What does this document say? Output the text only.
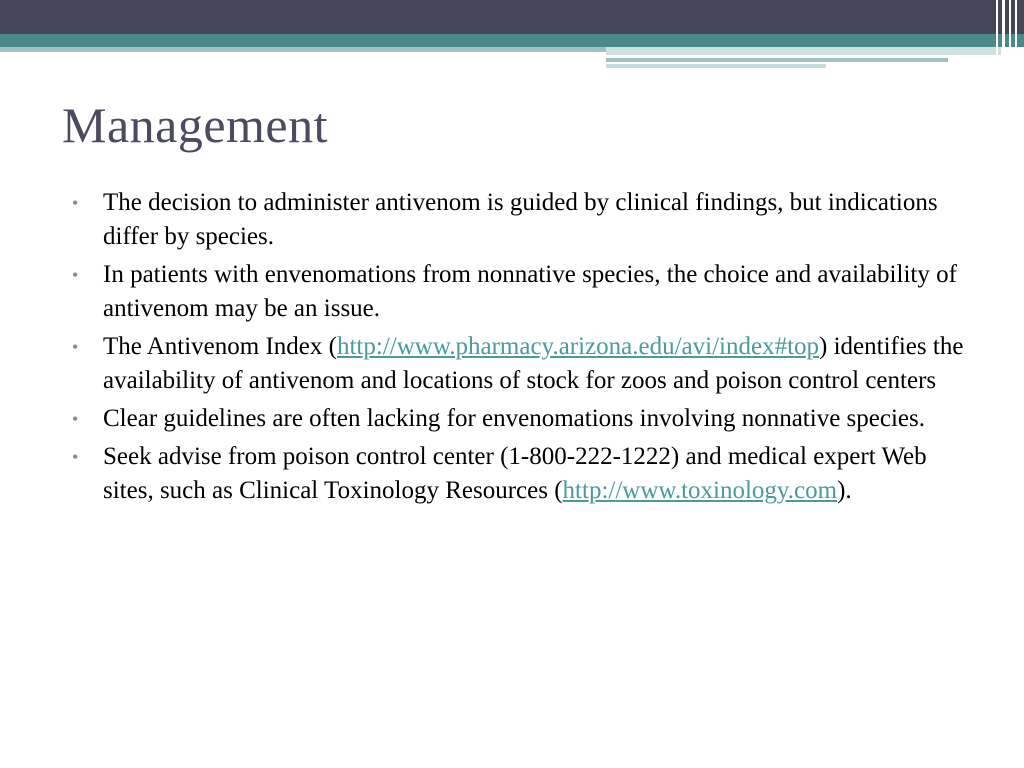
Management
• The decision to administer antivenom is guided by clinical findings, but indications differ by species.
• In patients with envenomations from nonnative species, the choice and availability of antivenom may be an issue.
• The Antivenom Index (http://www.pharmacy.arizona.edu/avi/index#top) identifies the availability of antivenom and locations of stock for zoos and poison control centers
• Clear guidelines are often lacking for envenomations involving nonnative species.
• Seek advise from poison control center (1-800-222-1222) and medical expert Web sites, such as Clinical Toxinology Resources (http://www.toxinology.com).
